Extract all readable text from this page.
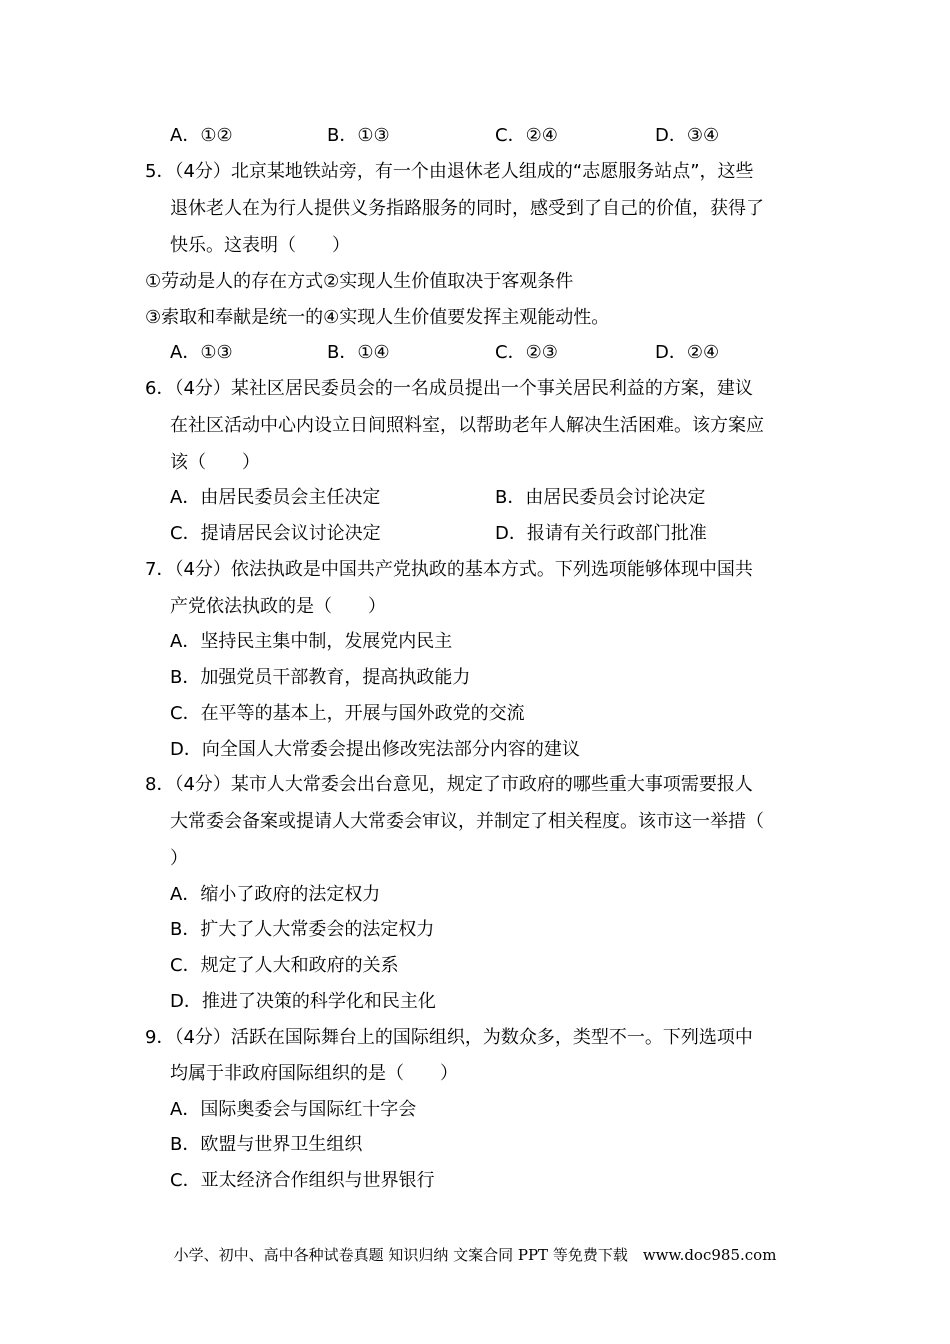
A．①②	B．①③	C．②④	D．③④
5．（4分）北京某地铁站旁，有一个由退休老人组成的“志愿服务站点”，这些
退休老人在为行人提供义务指路服务的同时，感受到了自己的价值，获得了
快乐。这表明（　　）
①劳动是人的存在方式②实现人生价值取决于客观条件
③索取和奉献是统一的④实现人生价值要发挥主观能动性。
A．①③	B．①④	C．②③	D．②④
6．（4分）某社区居民委员会的一名成员提出一个事关居民利益的方案，建议
在社区活动中心内设立日间照料室，以帮助老年人解决生活困难。该方案应
该（　　）
A．由居民委员会主任决定	B．由居民委员会讨论决定
C．提请居民会议讨论决定	D．报请有关行政部门批准
7．（4分）依法执政是中国共产党执政的基本方式。下列选项能够体现中国共
产党依法执政的是（　　）
A．坚持民主集中制，发展党内民主
B．加强党员干部教育，提高执政能力
C．在平等的基本上，开展与国外政党的交流
D．向全国人大常委会提出修改宪法部分内容的建议
8．（4分）某市人大常委会出台意见，规定了市政府的哪些重大事项需要报人
大常委会备案或提请人大常委会审议，并制定了相关程度。该市这一举措（
）
A．缩小了政府的法定权力
B．扩大了人大常委会的法定权力
C．规定了人大和政府的关系
D．推进了决策的科学化和民主化
9．（4分）活跃在国际舞台上的国际组织，为数众多，类型不一。下列选项中
均属于非政府国际组织的是（　　）
A．国际奥委会与国际红十字会
B．欧盟与世界卫生组织
C．亚太经济合作组织与世界银行
小学、初中、高中各种试卷真题 知识归纳 文案合同 PPT 等免费下载　www.doc985.com
